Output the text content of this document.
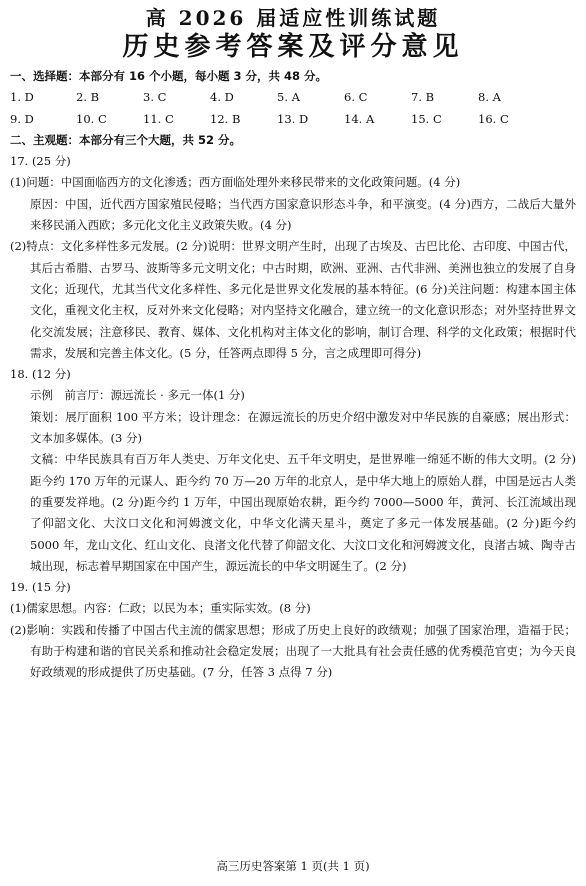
高 2026 届适应性训练试题

历史参考答案及评分意见

一、选择题：本部分有 16 个小题，每小题 3 分，共 48 分。

1. D	2. B	3. C	4. D	5. A	6. C	7. B	8. A
9. D	10. C	11. C	12. B	13. D	14. A	15. C	16. C

二、主观题：本部分有三个大题，共 52 分。

17. (25 分)

(1)问题：中国面临西方的文化渗透；西方面临处理外来移民带来的文化政策问题。(4 分)

原因：中国，近代西方国家殖民侵略；当代西方国家意识形态斗争，和平演变。(4 分)西方，二战后大量外来移民涌入西欧；多元化文化主义政策失败。(4 分)

(2)特点：文化多样性多元发展。(2 分)说明：世界文明产生时，出现了古埃及、古巴比伦、古印度、中国古代，其后古希腊、古罗马、波斯等多元文明文化；中古时期，欧洲、亚洲、古代非洲、美洲也独立的发展了自身文化；近现代，尤其当代文化多样性、多元化是世界文化发展的基本特征。(6 分)关注问题：构建本国主体文化，重视文化主权，反对外来文化侵略；对内坚持文化融合，建立统一的文化意识形态；对外坚持世界文化交流发展；注意移民、教育、媒体、文化机构对主体文化的影响，制订合理、科学的文化政策；根据时代需求，发展和完善主体文化。(5 分，任答两点即得 5 分，言之成理即可得分)

18. (12 分)

示例　前言厅：源远流长 · 多元一体(1 分)

策划：展厅面积 100 平方米；设计理念：在源远流长的历史介绍中激发对中华民族的自豪感；展出形式：文本加多媒体。(3 分)

文稿：中华民族具有百万年人类史、万年文化史、五千年文明史，是世界唯一绵延不断的伟大文明。(2 分)距今约 170 万年的元谋人、距今约 70 万—20 万年的北京人，是中华大地上的原始人群，中国是远古人类的重要发祥地。(2 分)距今约 1 万年，中国出现原始农耕，距今约 7000—5000 年，黄河、长江流域出现了仰韶文化、大汶口文化和河姆渡文化，中华文化满天星斗，奠定了多元一体发展基础。(2 分)距今约 5000 年，龙山文化、红山文化、良渚文化代替了仰韶文化、大汶口文化和河姆渡文化，良渚古城、陶寺古城出现，标志着早期国家在中国产生，源远流长的中华文明诞生了。(2 分)

19. (15 分)

(1)儒家思想。内容：仁政；以民为本；重实际实效。(8 分)

(2)影响：实践和传播了中国古代主流的儒家思想；形成了历史上良好的政绩观；加强了国家治理，造福于民；有助于构建和谐的官民关系和推动社会稳定发展；出现了一大批具有社会责任感的优秀模范官吏；为今天良好政绩观的形成提供了历史基础。(7 分，任答 3 点得 7 分)

高三历史答案第 1 页(共 1 页)
